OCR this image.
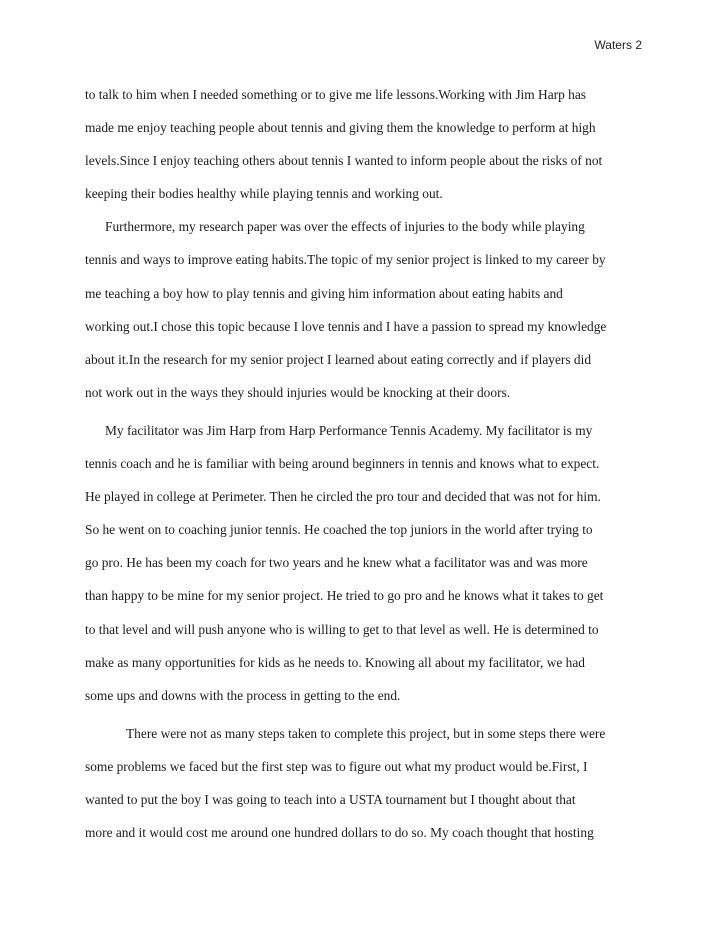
Waters 2
to talk to him when I needed something or to give me life lessons.Working with Jim Harp has
made me enjoy teaching people about tennis and giving them the knowledge to perform at high
levels.Since I enjoy teaching others about tennis I wanted to inform people about the risks of not
keeping their bodies healthy while playing tennis and working out.
Furthermore, my research paper was over the effects of injuries to the body while playing
tennis and ways to improve eating habits.The topic of my senior project is linked to my career by
me teaching a boy how to play tennis and giving him information about eating habits and
working out.I chose this topic because I love tennis and I have a passion to spread my knowledge
about it.In the research for my senior project I learned about eating correctly and if players did
not work out in the ways they should injuries would be knocking at their doors.
My facilitator was Jim Harp from Harp Performance Tennis Academy. My facilitator is my
tennis coach and he is familiar with being around beginners in tennis and knows what to expect.
He played in college at Perimeter. Then he circled the pro tour and decided that was not for him.
So he went on to coaching junior tennis. He coached the top juniors in the world after trying to
go pro. He has been my coach for two years and he knew what a facilitator was and was more
than happy to be mine for my senior project. He tried to go pro and he knows what it takes to get
to that level and will push anyone who is willing to get to that level as well. He is determined to
make as many opportunities for kids as he needs to. Knowing all about my facilitator, we had
some ups and downs with the process in getting to the end.
There were not as many steps taken to complete this project, but in some steps there were
some problems we faced but the first step was to figure out what my product would be.First, I
wanted to put the boy I was going to teach into a USTA tournament but I thought about that
more and it would cost me around one hundred dollars to do so. My coach thought that hosting
